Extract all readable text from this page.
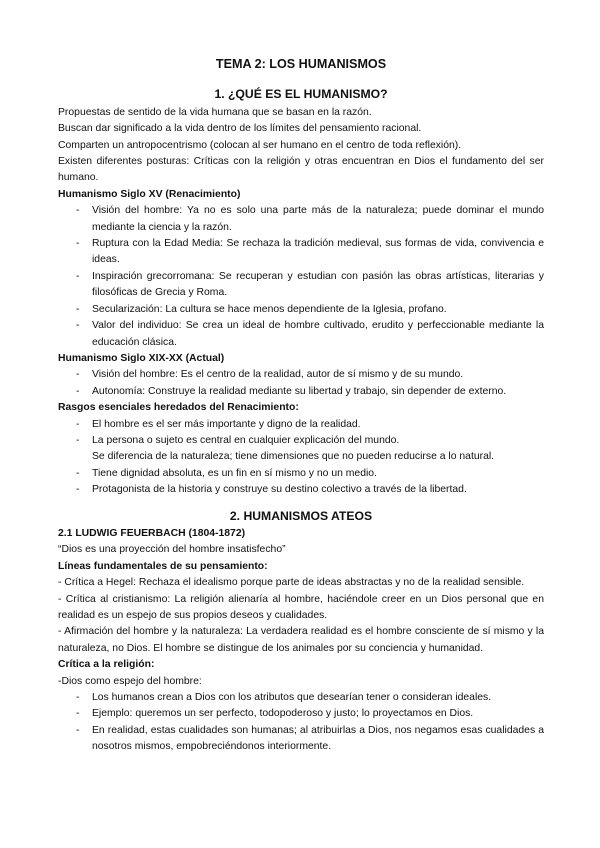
TEMA 2: LOS HUMANISMOS
1. ¿QUÉ ES EL HUMANISMO?

Propuestas de sentido de la vida humana que se basan en la razón.

Buscan dar significado a la vida dentro de los límites del pensamiento racional.

Comparten un antropocentrismo (colocan al ser humano en el centro de toda reflexión).

Existen diferentes posturas: Críticas con la religión y otras encuentran en Dios el fundamento del ser humano.

Humanismo Siglo XV (Renacimiento)

- Visión del hombre: Ya no es solo una parte más de la naturaleza; puede dominar el mundo mediante la ciencia y la razón.
- Ruptura con la Edad Media: Se rechaza la tradición medieval, sus formas de vida, convivencia e ideas.
- Inspiración grecorromana: Se recuperan y estudian con pasión las obras artísticas, literarias y filosóficas de Grecia y Roma.
- Secularización: La cultura se hace menos dependiente de la Iglesia, profano.
- Valor del individuo: Se crea un ideal de hombre cultivado, erudito y perfeccionable mediante la educación clásica.

Humanismo Siglo XIX-XX (Actual)

- Visión del hombre: Es el centro de la realidad, autor de sí mismo y de su mundo.
- Autonomía: Construye la realidad mediante su libertad y trabajo, sin depender de externo.

Rasgos esenciales heredados del Renacimiento:

- El hombre es el ser más importante y digno de la realidad.
- La persona o sujeto es central en cualquier explicación del mundo.
Se diferencia de la naturaleza; tiene dimensiones que no pueden reducirse a lo natural.
- Tiene dignidad absoluta, es un fin en sí mismo y no un medio.
- Protagonista de la historia y construye su destino colectivo a través de la libertad.
2. HUMANISMOS ATEOS

2.1 LUDWIG FEUERBACH (1804-1872)

“Dios es una proyección del hombre insatisfecho”

Líneas fundamentales de su pensamiento:

- Crítica a Hegel: Rechaza el idealismo porque parte de ideas abstractas y no de la realidad sensible.

- Crítica al cristianismo: La religión alienaría al hombre, haciéndole creer en un Dios personal que en realidad es un espejo de sus propios deseos y cualidades.

- Afirmación del hombre y la naturaleza: La verdadera realidad es el hombre consciente de sí mismo y la naturaleza, no Dios. El hombre se distingue de los animales por su conciencia y humanidad.

Crítica a la religión:

-Dios como espejo del hombre:

- Los humanos crean a Dios con los atributos que desearían tener o consideran ideales.
- Ejemplo: queremos un ser perfecto, todopoderoso y justo; lo proyectamos en Dios.
- En realidad, estas cualidades son humanas; al atribuirlas a Dios, nos negamos esas cualidades a nosotros mismos, empobreciéndonos interiormente.
